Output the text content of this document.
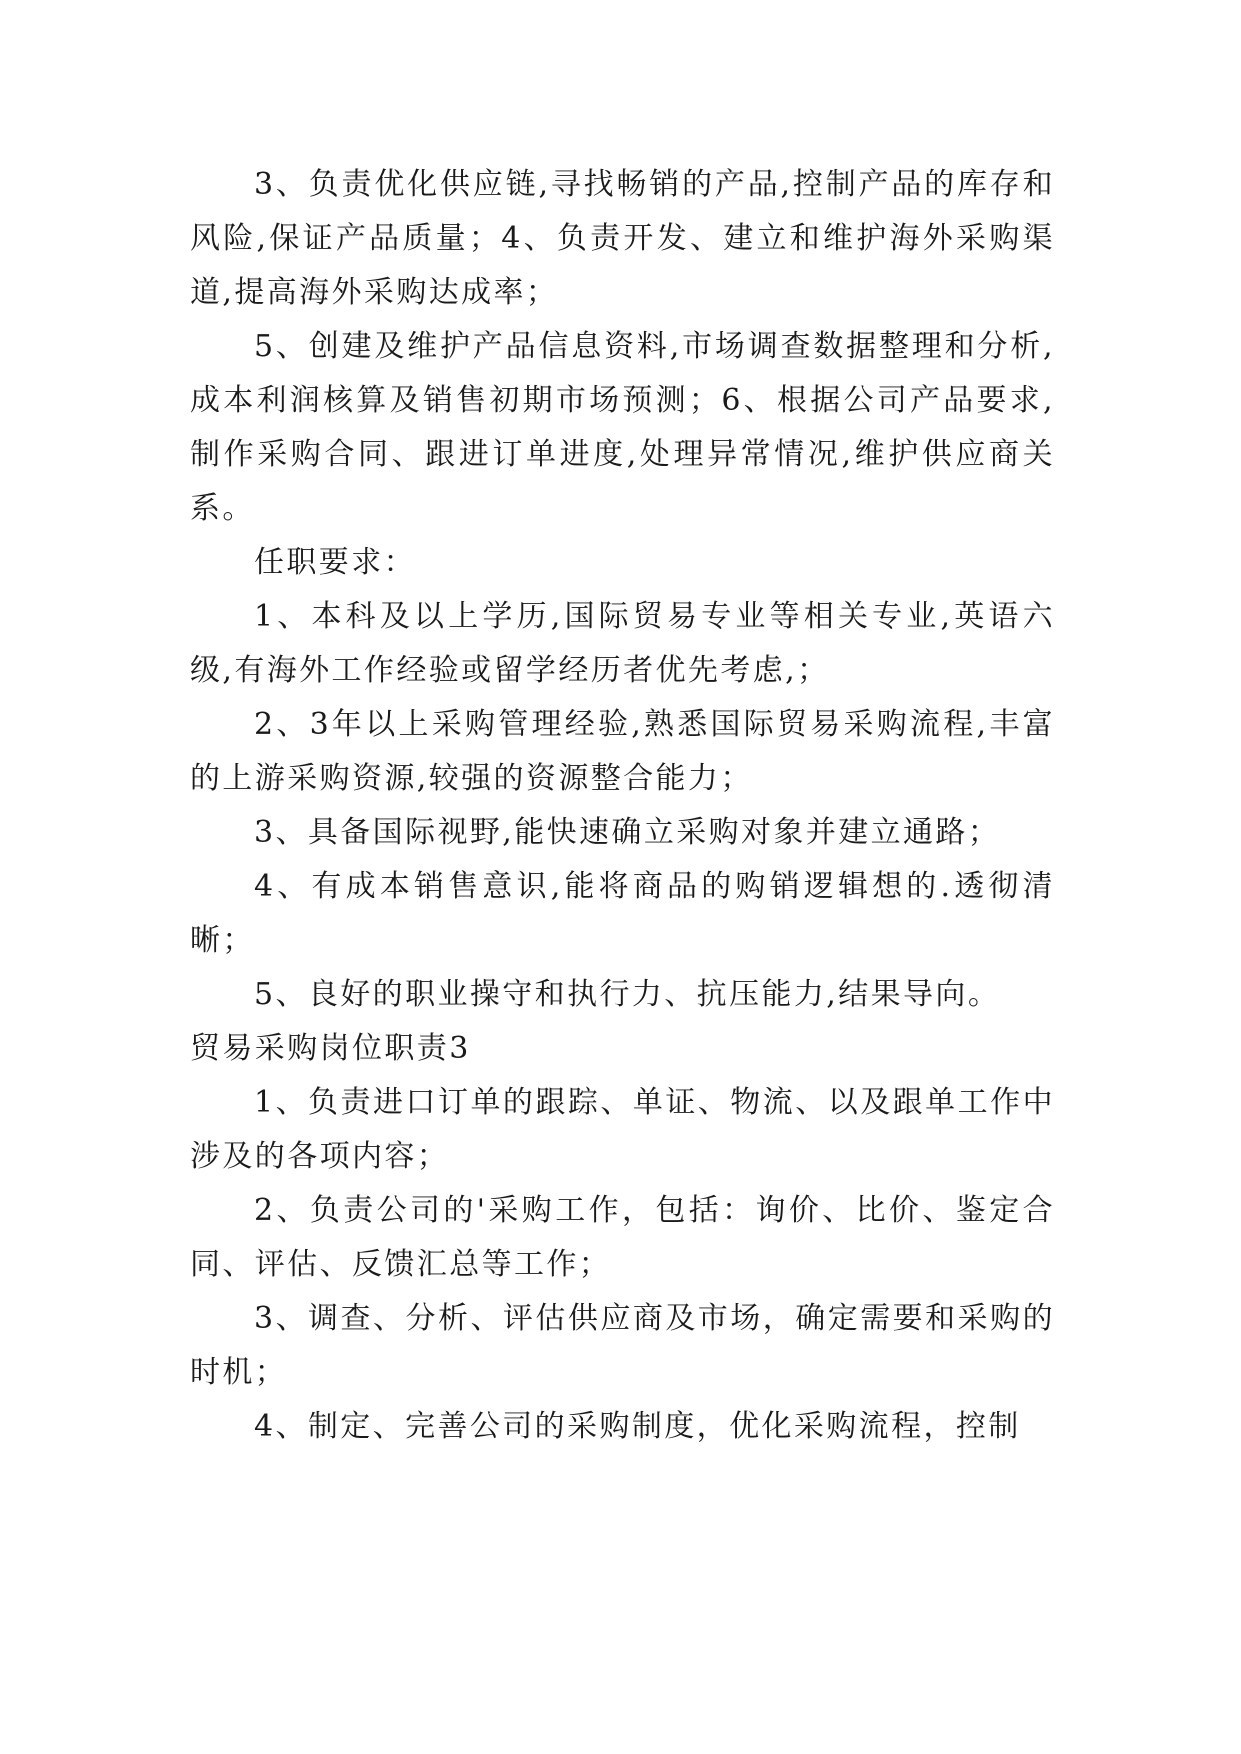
3、负责优化供应链,寻找畅销的产品,控制产品的库存和风险,保证产品质量；4、负责开发、建立和维护海外采购渠道,提高海外采购达成率；

5、创建及维护产品信息资料,市场调查数据整理和分析,成本利润核算及销售初期市场预测；6、根据公司产品要求,制作采购合同、跟进订单进度,处理异常情况,维护供应商关系。

任职要求：

1、本科及以上学历,国际贸易专业等相关专业,英语六级,有海外工作经验或留学经历者优先考虑,；

2、3年以上采购管理经验,熟悉国际贸易采购流程,丰富的上游采购资源,较强的资源整合能力；

3、具备国际视野,能快速确立采购对象并建立通路；

4、有成本销售意识,能将商品的购销逻辑想的.透彻清晰；

5、良好的职业操守和执行力、抗压能力,结果导向。

贸易采购岗位职责3

1、负责进口订单的跟踪、单证、物流、以及跟单工作中涉及的各项内容；

2、负责公司的'采购工作，包括：询价、比价、鉴定合同、评估、反馈汇总等工作；

3、调查、分析、评估供应商及市场，确定需要和采购的时机；

4、制定、完善公司的采购制度，优化采购流程，控制
